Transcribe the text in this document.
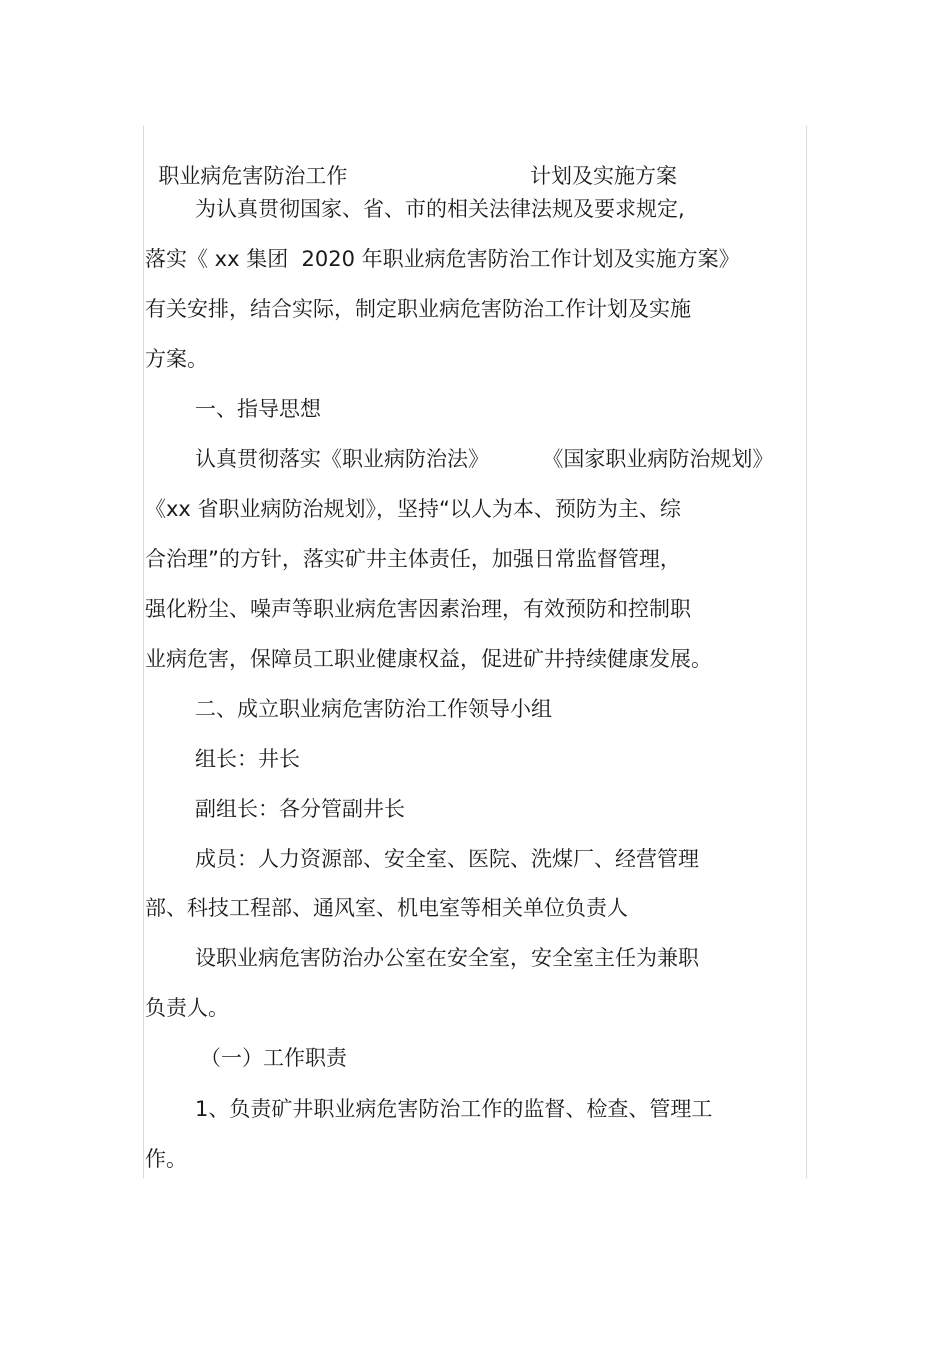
职业病危害防治工作	计划及实施方案

为认真贯彻国家、省、市的相关法律法规及要求规定,
落实《 xx 集团  2020 年职业病危害防治工作计划及实施方案》
有关安排，结合实际，制定职业病危害防治工作计划及实施
方案。
一、指导思想
认真贯彻落实《职业病防治法》        《国家职业病防治规划》
《xx 省职业病防治规划》，坚持“以人为本、预防为主、综
合治理”的方针，落实矿井主体责任，加强日常监督管理，
强化粉尘、噪声等职业病危害因素治理，有效预防和控制职
业病危害，保障员工职业健康权益，促进矿井持续健康发展。
二、成立职业病危害防治工作领导小组
组长：井长
副组长：各分管副井长
成员：人力资源部、安全室、医院、洗煤厂、经营管理
部、科技工程部、通风室、机电室等相关单位负责人
设职业病危害防治办公室在安全室，安全室主任为兼职
负责人。
（一）工作职责
1、负责矿井职业病危害防治工作的监督、检查、管理工
作。
